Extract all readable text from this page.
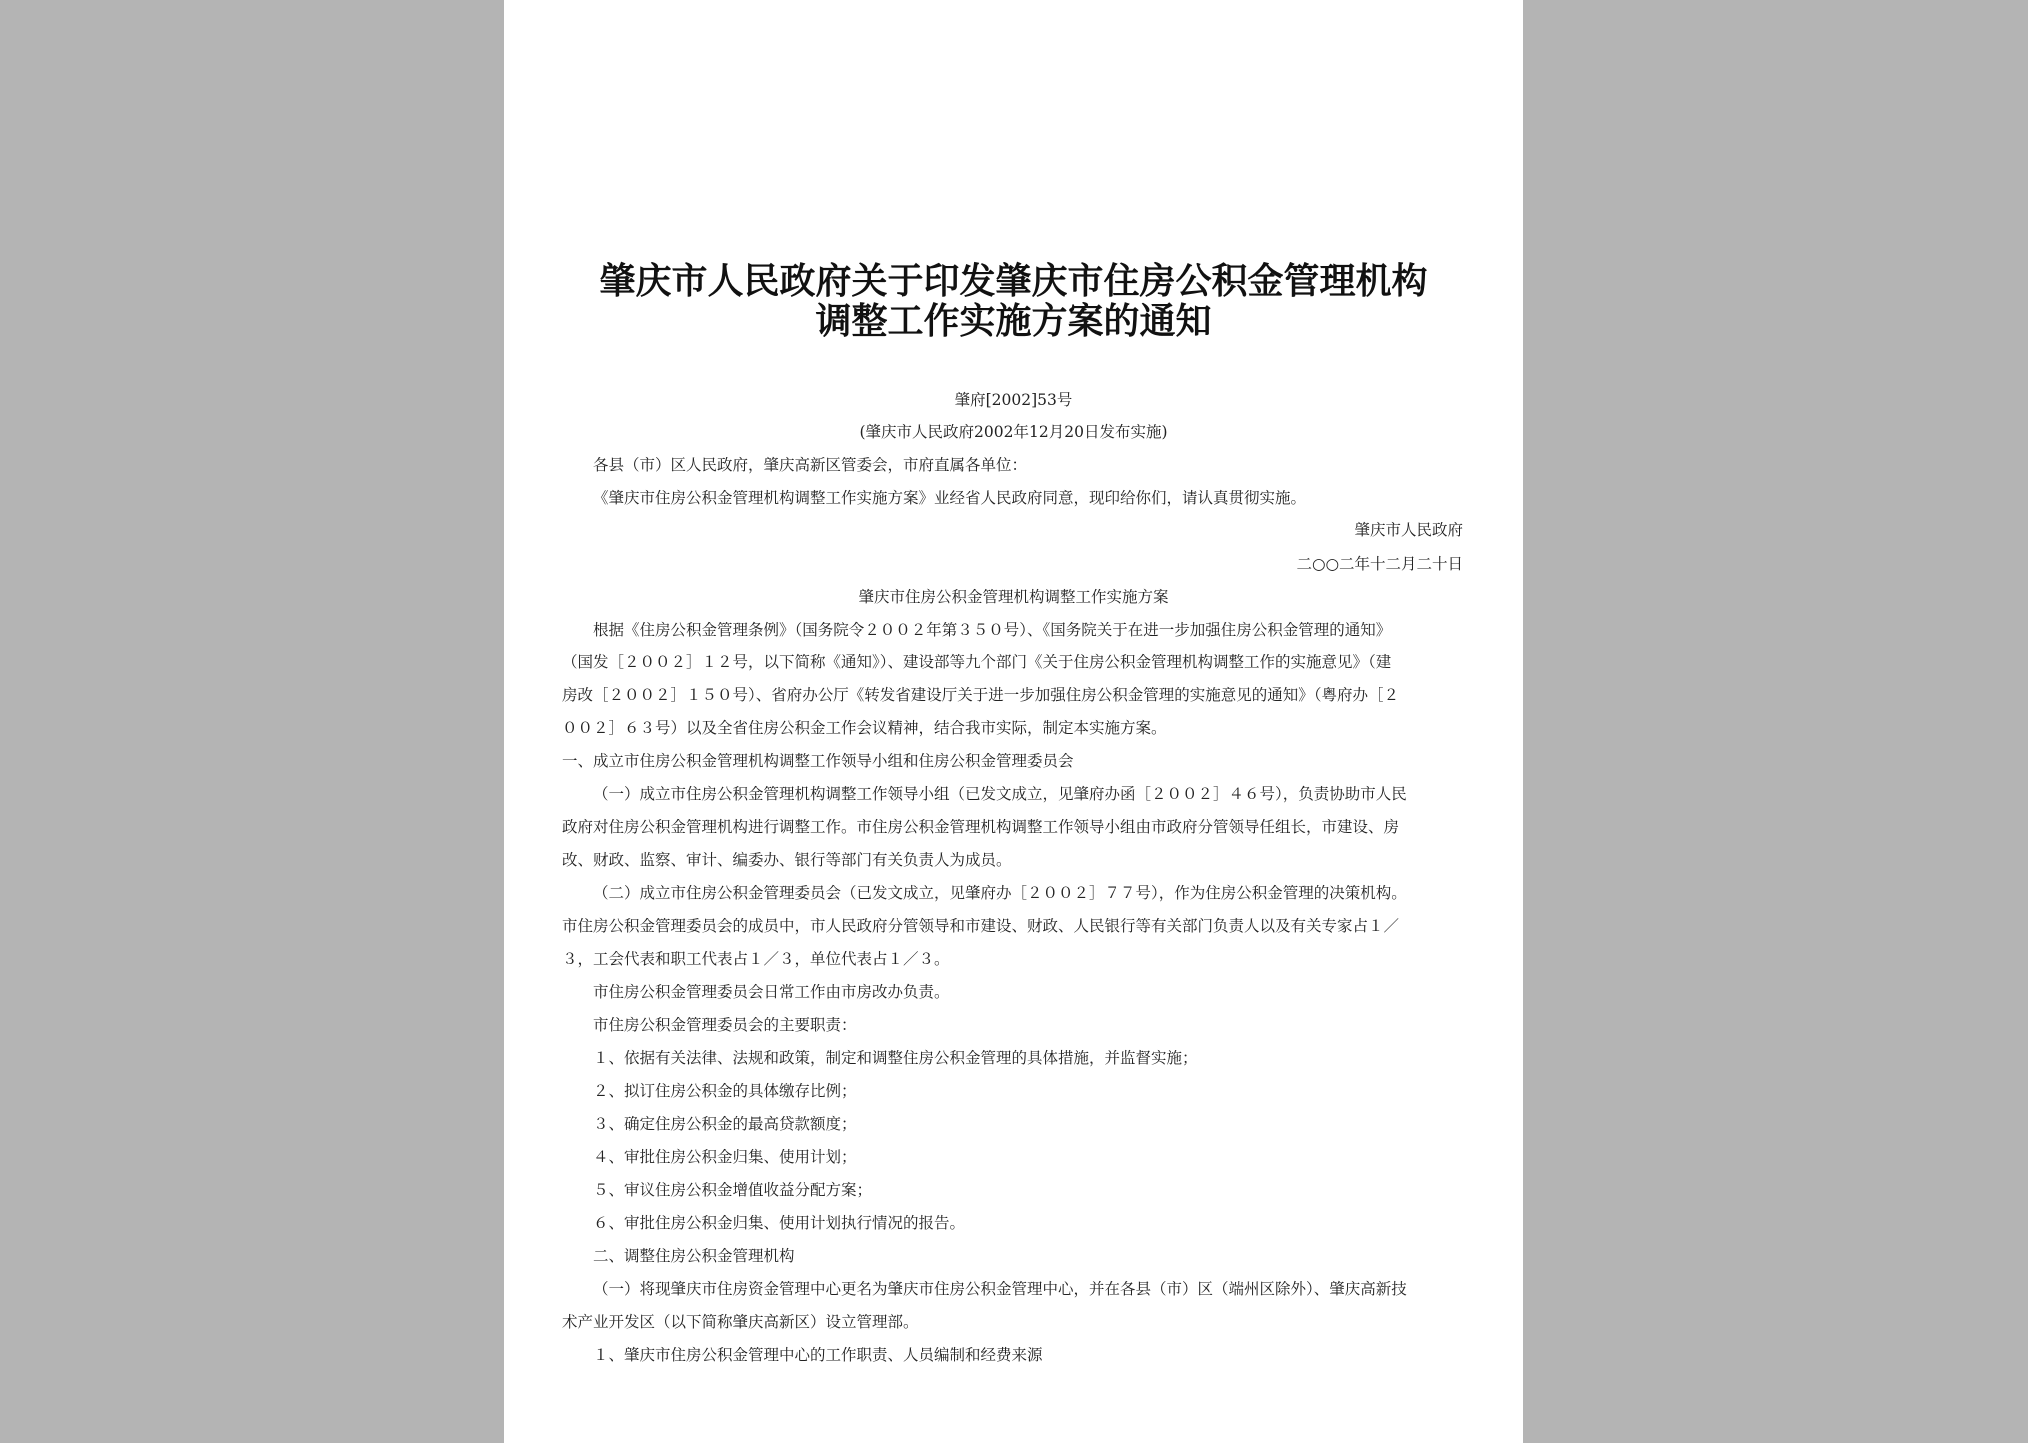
肇庆市人民政府关于印发肇庆市住房公积金管理机构
调整工作实施方案的通知
肇府[2002]53号
(肇庆市人民政府2002年12月20日发布实施)
各县（市）区人民政府，肇庆高新区管委会，市府直属各单位：
《肇庆市住房公积金管理机构调整工作实施方案》业经省人民政府同意，现印给你们，请认真贯彻实施。
肇庆市人民政府
二○○二年十二月二十日
肇庆市住房公积金管理机构调整工作实施方案
根据《住房公积金管理条例》（国务院令２００２年第３５０号）、《国务院关于在进一步加强住房公积金管理的通知》
（国发［２００２］１２号，以下简称《通知》）、建设部等九个部门《关于住房公积金管理机构调整工作的实施意见》（建
房改［２００２］１５０号）、省府办公厅《转发省建设厅关于进一步加强住房公积金管理的实施意见的通知》（粤府办［２
００２］６３号）以及全省住房公积金工作会议精神，结合我市实际，制定本实施方案。
一、成立市住房公积金管理机构调整工作领导小组和住房公积金管理委员会
（一）成立市住房公积金管理机构调整工作领导小组（已发文成立，见肇府办函［２００２］４６号），负责协助市人民
政府对住房公积金管理机构进行调整工作。市住房公积金管理机构调整工作领导小组由市政府分管领导任组长，市建设、房
改、财政、监察、审计、编委办、银行等部门有关负责人为成员。
（二）成立市住房公积金管理委员会（已发文成立，见肇府办［２００２］７７号），作为住房公积金管理的决策机构。
市住房公积金管理委员会的成员中，市人民政府分管领导和市建设、财政、人民银行等有关部门负责人以及有关专家占１／
３，工会代表和职工代表占１／３，单位代表占１／３。
市住房公积金管理委员会日常工作由市房改办负责。
市住房公积金管理委员会的主要职责：
１、依据有关法律、法规和政策，制定和调整住房公积金管理的具体措施，并监督实施；
２、拟订住房公积金的具体缴存比例；
３、确定住房公积金的最高贷款额度；
４、审批住房公积金归集、使用计划；
５、审议住房公积金增值收益分配方案；
６、审批住房公积金归集、使用计划执行情况的报告。
二、调整住房公积金管理机构
（一）将现肇庆市住房资金管理中心更名为肇庆市住房公积金管理中心，并在各县（市）区（端州区除外）、肇庆高新技
术产业开发区（以下简称肇庆高新区）设立管理部。
１、肇庆市住房公积金管理中心的工作职责、人员编制和经费来源
